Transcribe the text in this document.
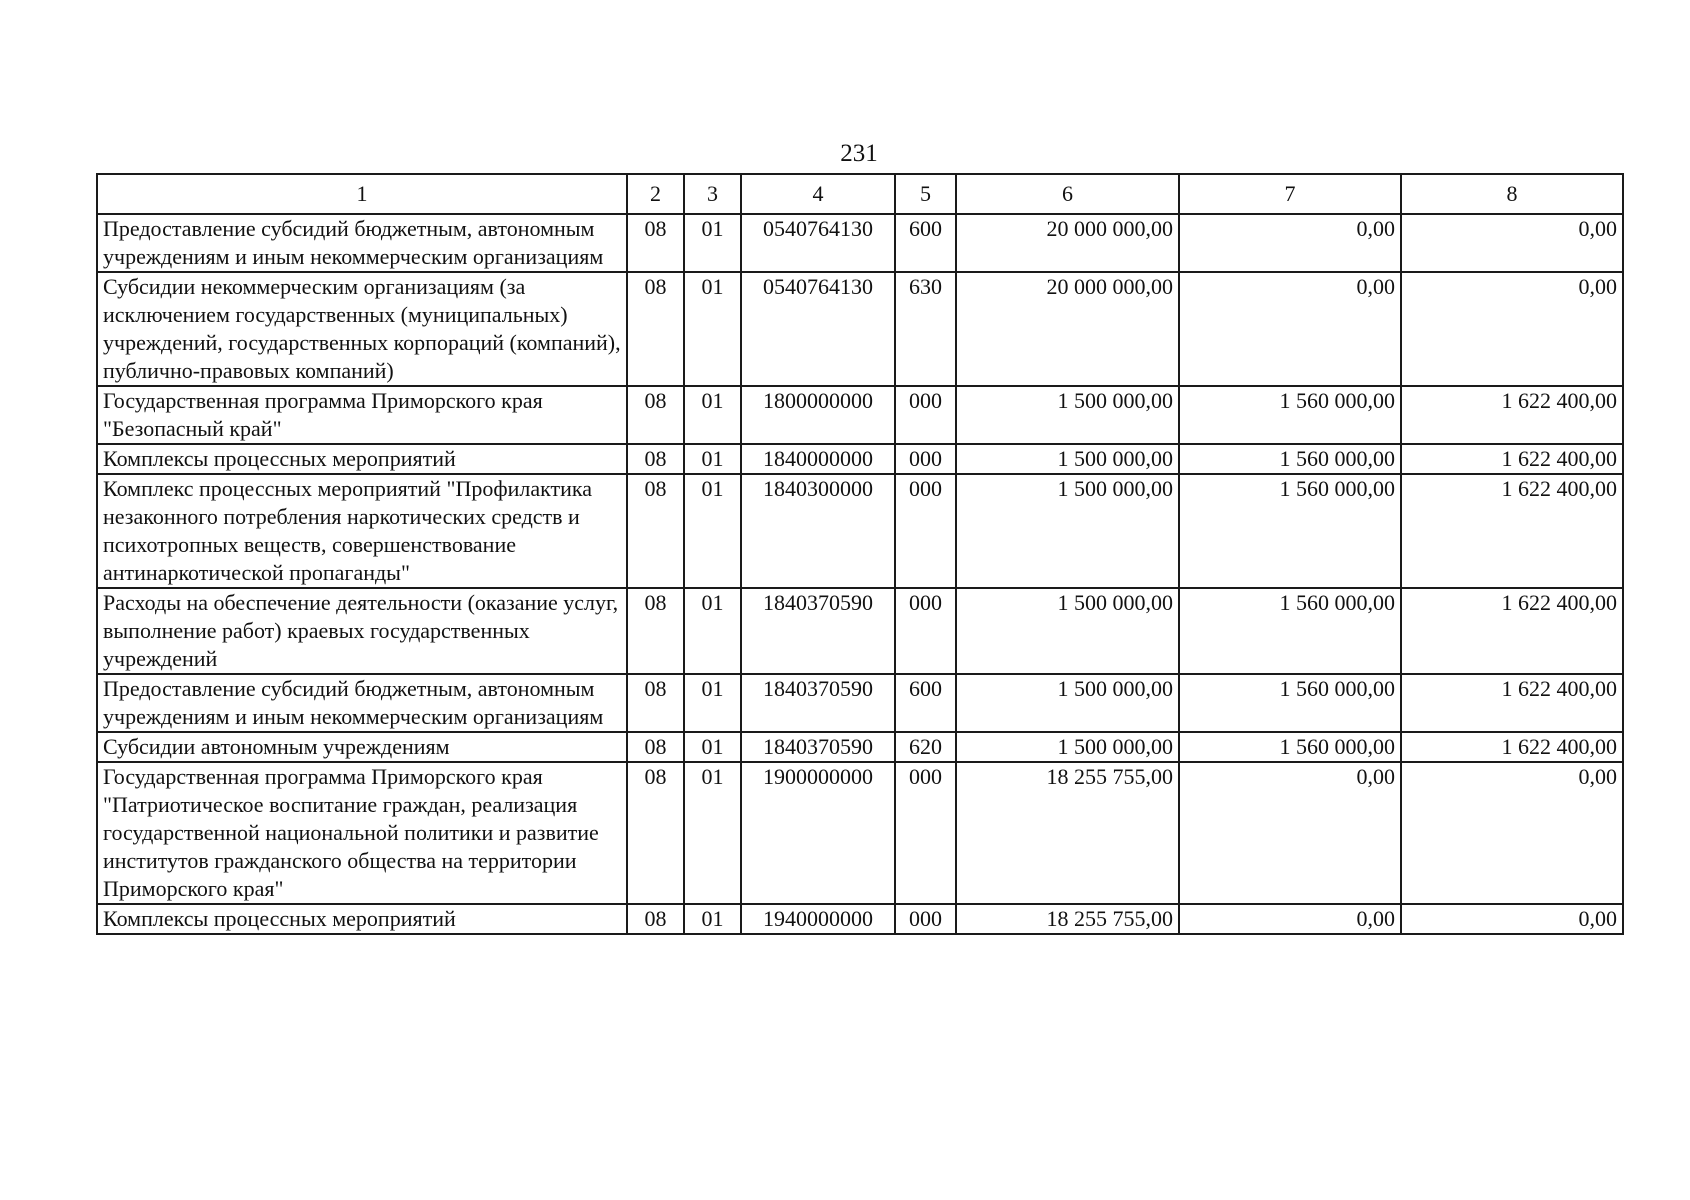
231
1	2	3	4	5	6	7	8
Предоставление субсидий бюджетным, автономным учреждениям и иным некоммерческим организациям	08	01	0540764130	600	20 000 000,00	0,00	0,00
Субсидии некоммерческим организациям (за исключением государственных (муниципальных) учреждений, государственных корпораций (компаний), публично-правовых компаний)	08	01	0540764130	630	20 000 000,00	0,00	0,00
Государственная программа Приморского края "Безопасный край"	08	01	1800000000	000	1 500 000,00	1 560 000,00	1 622 400,00
Комплексы процессных мероприятий	08	01	1840000000	000	1 500 000,00	1 560 000,00	1 622 400,00
Комплекс процессных мероприятий "Профилактика незаконного потребления наркотических средств и психотропных веществ, совершенствование антинаркотической пропаганды"	08	01	1840300000	000	1 500 000,00	1 560 000,00	1 622 400,00
Расходы на обеспечение деятельности (оказание услуг, выполнение работ) краевых государственных учреждений	08	01	1840370590	000	1 500 000,00	1 560 000,00	1 622 400,00
Предоставление субсидий бюджетным, автономным учреждениям и иным некоммерческим организациям	08	01	1840370590	600	1 500 000,00	1 560 000,00	1 622 400,00
Субсидии автономным учреждениям	08	01	1840370590	620	1 500 000,00	1 560 000,00	1 622 400,00
Государственная программа Приморского края "Патриотическое воспитание граждан, реализация государственной национальной политики и развитие институтов гражданского общества на территории Приморского края"	08	01	1900000000	000	18 255 755,00	0,00	0,00
Комплексы процессных мероприятий	08	01	1940000000	000	18 255 755,00	0,00	0,00
